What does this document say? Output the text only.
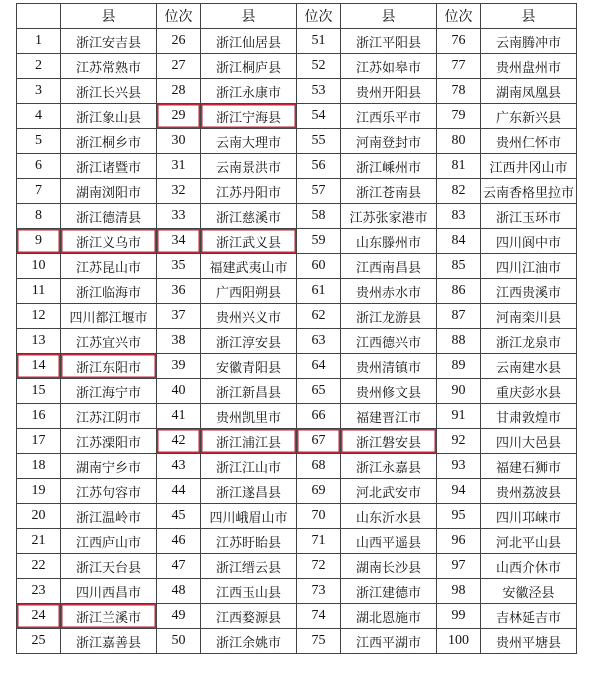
	县	位次	县	位次	县	位次	县
1	浙江安吉县	26	浙江仙居县	51	浙江平阳县	76	云南腾冲市
2	江苏常熟市	27	浙江桐庐县	52	江苏如皋市	77	贵州盘州市
3	浙江长兴县	28	浙江永康市	53	贵州开阳县	78	湖南凤凰县
4	浙江象山县	29	浙江宁海县	54	江西乐平市	79	广东新兴县
5	浙江桐乡市	30	云南大理市	55	河南登封市	80	贵州仁怀市
6	浙江诸暨市	31	云南景洪市	56	浙江嵊州市	81	江西井冈山市
7	湖南浏阳市	32	江苏丹阳市	57	浙江苍南县	82	云南香格里拉市
8	浙江德清县	33	浙江慈溪市	58	江苏张家港市	83	浙江玉环市
9	浙江义乌市	34	浙江武义县	59	山东滕州市	84	四川阆中市
10	江苏昆山市	35	福建武夷山市	60	江西南昌县	85	四川江油市
11	浙江临海市	36	广西阳朔县	61	贵州赤水市	86	江西贵溪市
12	四川都江堰市	37	贵州兴义市	62	浙江龙游县	87	河南栾川县
13	江苏宜兴市	38	浙江淳安县	63	江西德兴市	88	浙江龙泉市
14	浙江东阳市	39	安徽青阳县	64	贵州清镇市	89	云南建水县
15	浙江海宁市	40	浙江新昌县	65	贵州修文县	90	重庆彭水县
16	江苏江阴市	41	贵州凯里市	66	福建晋江市	91	甘肃敦煌市
17	江苏溧阳市	42	浙江浦江县	67	浙江磐安县	92	四川大邑县
18	湖南宁乡市	43	浙江江山市	68	浙江永嘉县	93	福建石狮市
19	江苏句容市	44	浙江遂昌县	69	河北武安市	94	贵州荔波县
20	浙江温岭市	45	四川峨眉山市	70	山东沂水县	95	四川邛崃市
21	江西庐山市	46	江苏盱眙县	71	山西平遥县	96	河北平山县
22	浙江天台县	47	浙江缙云县	72	湖南长沙县	97	山西介休市
23	四川西昌市	48	江西玉山县	73	浙江建德市	98	安徽泾县
24	浙江兰溪市	49	江西婺源县	74	湖北恩施市	99	吉林延吉市
25	浙江嘉善县	50	浙江余姚市	75	江西平湖市	100	贵州平塘县
